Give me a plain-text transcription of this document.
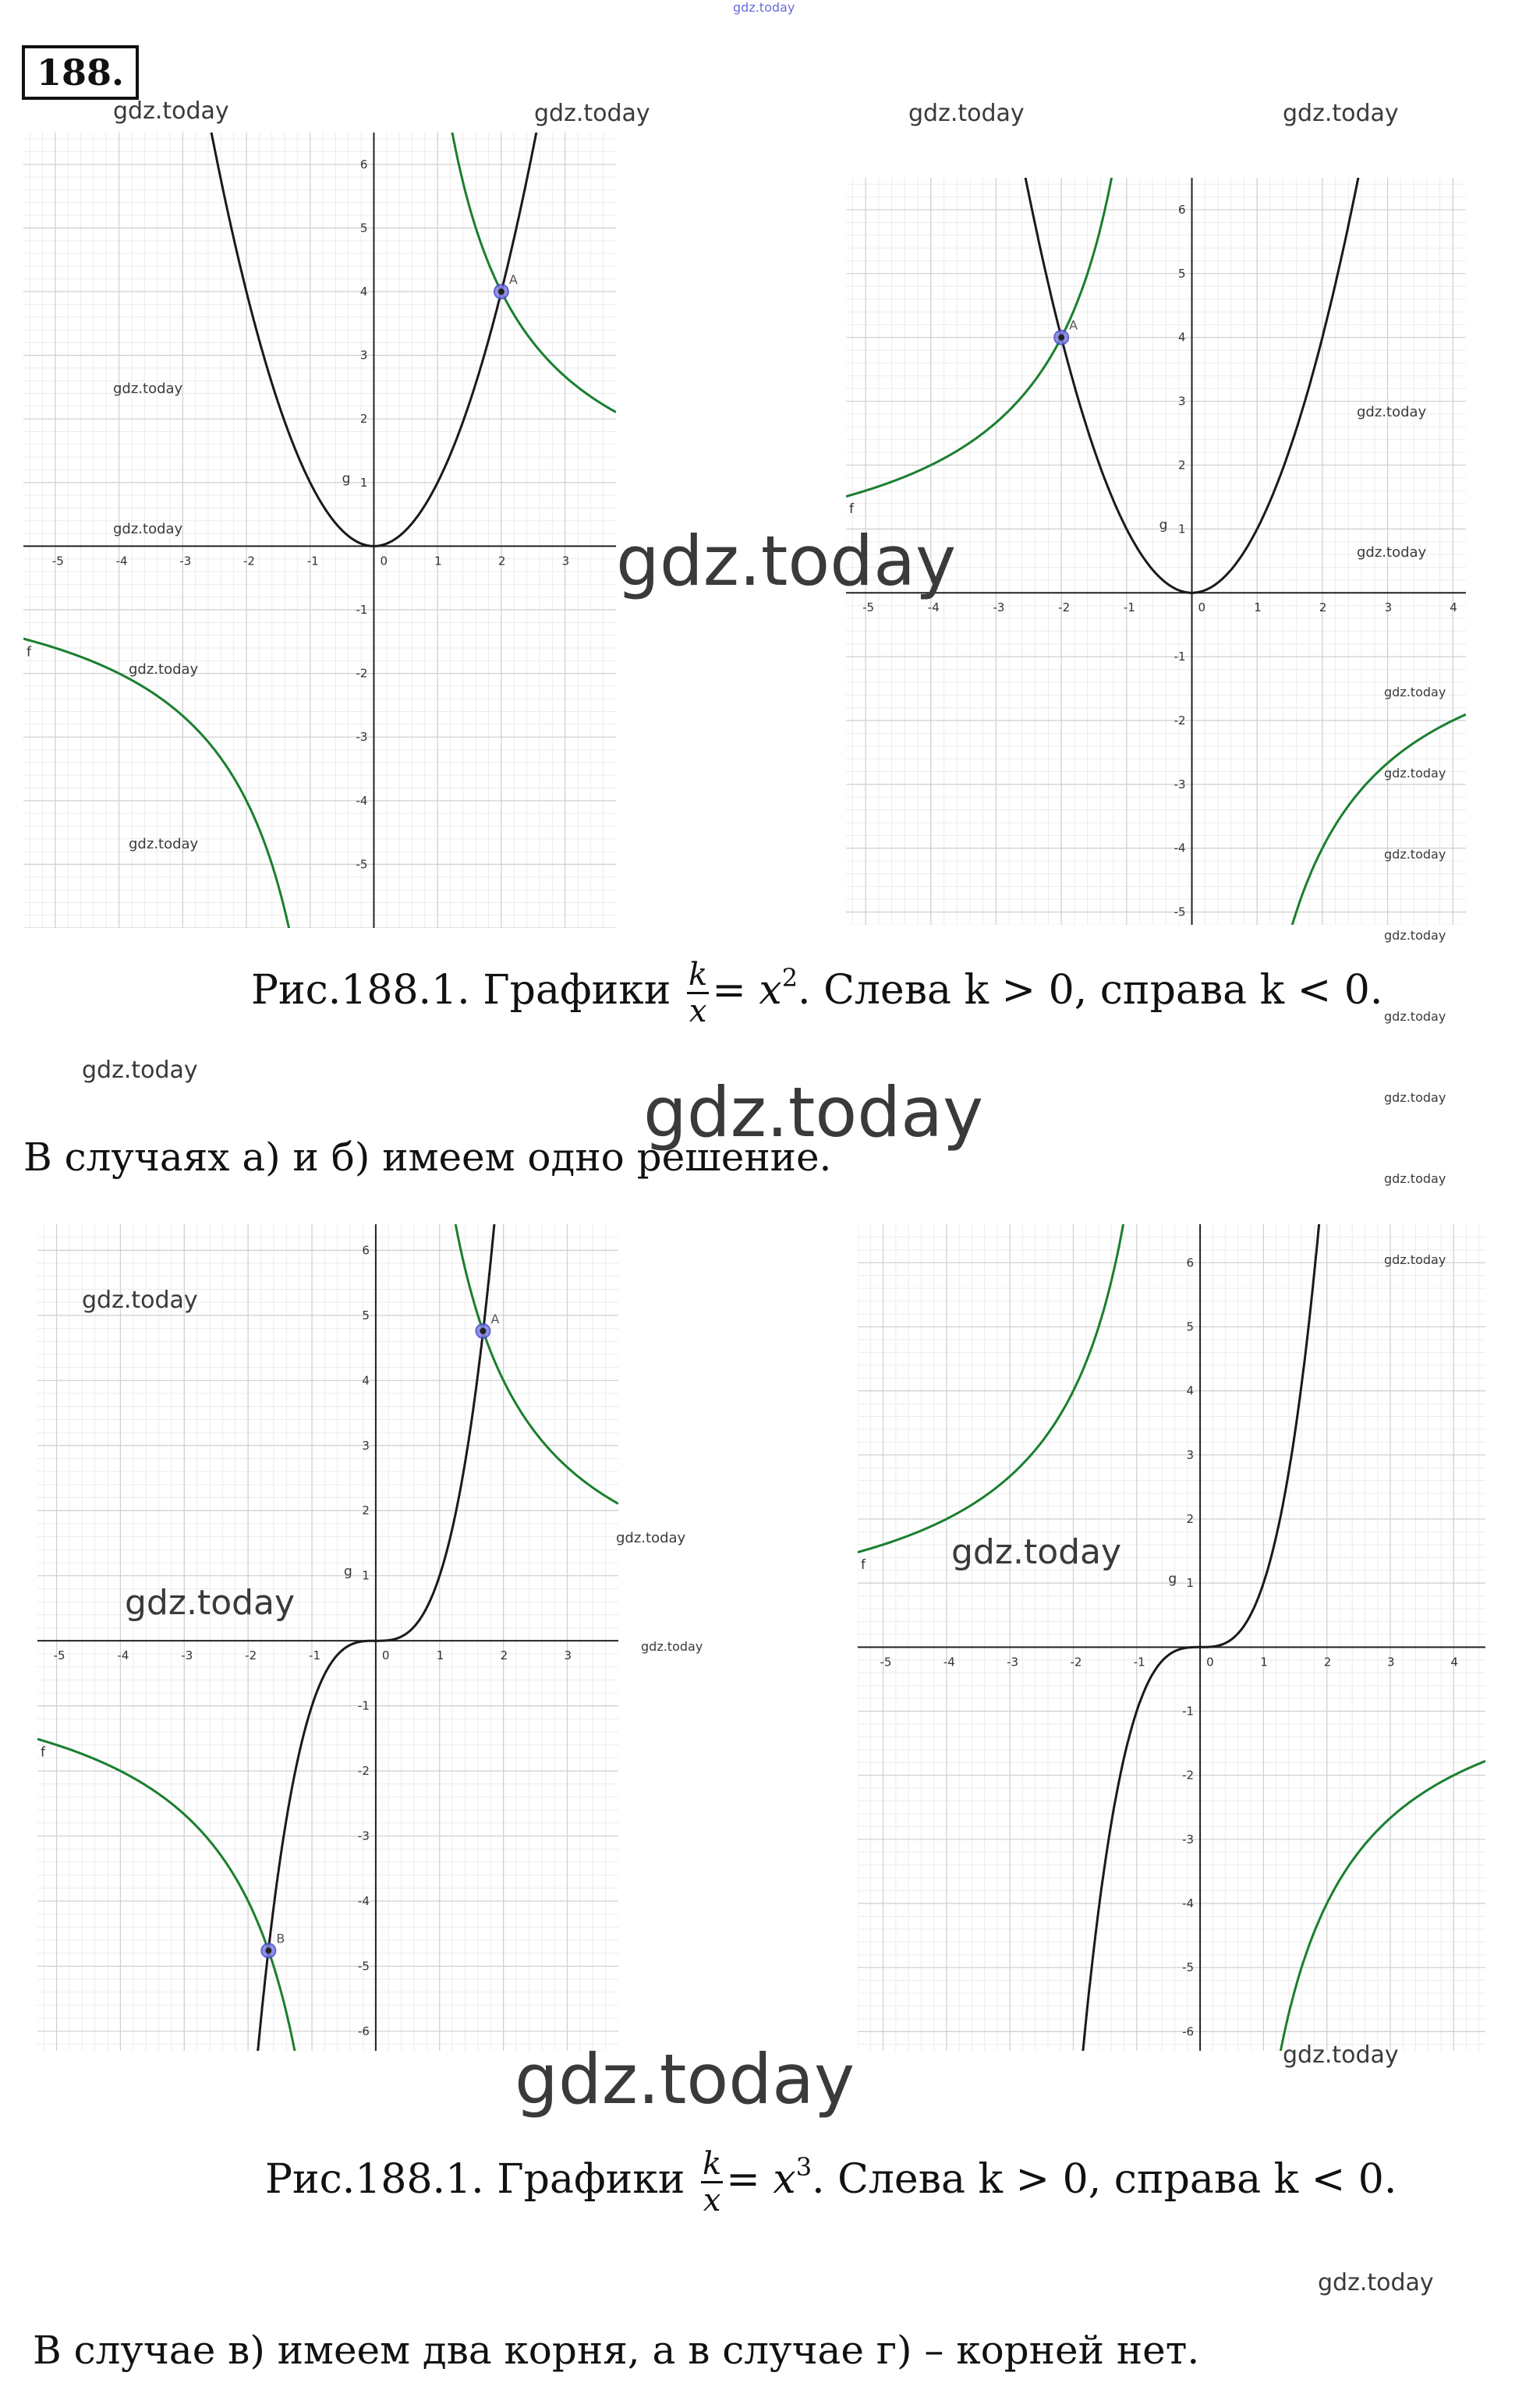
gdz.today
188.
-5	-4	-3	-2	-1	0	1	2	3
-5
-4
-3
-2
-1
1
2
3
4
5
6
g
f
A
-5	-4	-3	-2	-1	0	1	2	3	4
-5
-4
-3
-2
-1
1
2
3
4
5
6
g
f
A
-5	-4	-3	-2	-1	0	1	2	3
-6
-5
-4
-3
-2
-1
1
2
3
4
5
6
g
f
A
B
-5	-4	-3	-2	-1	0	1	2	3	4
-6
-5
-4
-3
-2
-1
1
2
3
4
5
6
g
f
Рис.188.1. Графики $\frac{k}{x} = x^2$. Слева k > 0, справа k < 0.
В случаях а) и б) имеем одно решение.
Рис.188.1. Графики $\frac{k}{x} = x^3$. Слева k > 0, справа k < 0.
В случае в) имеем два корня, а в случае г) – корней нет.
gdz.today	gdz.today	gdz.today	gdz.today
gdz.today
gdz.today
gdz.today
gdz.today
gdz.today
gdz.today
gdz.today
gdz.today
gdz.today
gdz.today
gdz.today
gdz.today
gdz.today
gdz.today
gdz.today
gdz.today
gdz.today
gdz.today
gdz.today
gdz.today
gdz.today
gdz.today
gdz.today	gdz.today
gdz.today
